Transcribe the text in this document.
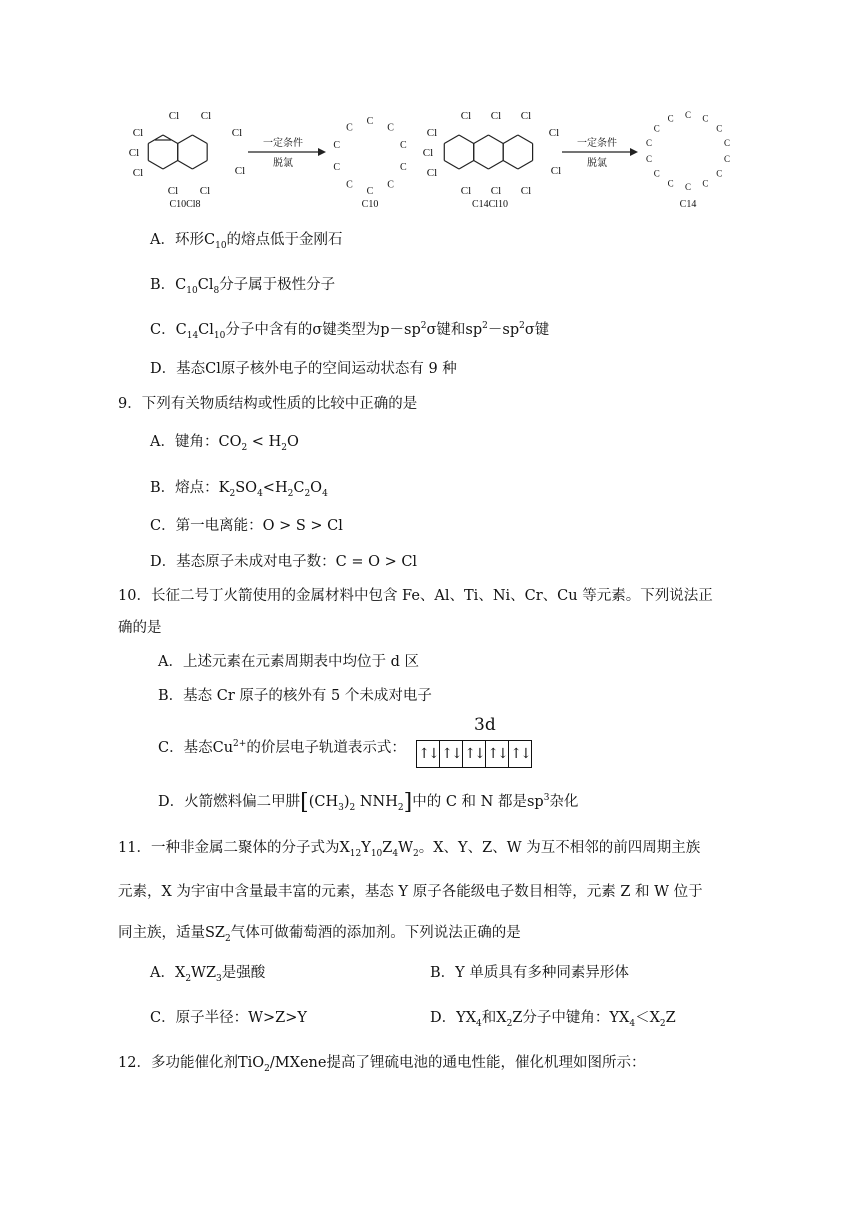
Cl Cl
Cl
Cl
Cl
Cl Cl
Cl
Cl
C10Cl8
一定条件
脱氯
C
C
C
C
C
C
C
C
C
C
C10
Cl Cl Cl
Cl
Cl
Cl
Cl Cl Cl
Cl
Cl
C14Cl10
一定条件
脱氯
C C
C
C
C
C
C
C
C
C
C
C
C
C
C14
A．环形$C_{10}$的熔点低于金刚石
B．$C_{10}Cl_8$分子属于极性分子
C．$C_{14}Cl_{10}$分子中含有的σ键类型为$p-sp^2\sigma$键和$sp^2-sp^2\sigma$键
D．基态Cl原子核外电子的空间运动状态有 9 种
9．下列有关物质结构或性质的比较中正确的是
A．键角：$CO_2 < H_2O$
B．熔点：$K_2SO_4<H_2C_2O_4$
C．第一电离能：O > S > Cl
D．基态原子未成对电子数：C = O > Cl
10．长征二号丁火箭使用的金属材料中包含 Fe、Al、Ti、Ni、Cr、Cu 等元素。下列说法正
确的是
A．上述元素在元素周期表中均位于 d 区
B．基态 Cr 原子的核外有 5 个未成对电子
C．基态$Cu^{2+}$的价层电子轨道表示式：
3d
↑↓ ↑↓ ↑↓ ↑↓ ↑↓
D．火箭燃料偏二甲肼[$(CH_3)_2$ $NNH_2$]中的 C 和 N 都是$sp^3$杂化
11．一种非金属二聚体的分子式为$X_{12}Y_{10}Z_4W_2$。X、Y、Z、W 为互不相邻的前四周期主族
元素，X 为宇宙中含量最丰富的元素，基态 Y 原子各能级电子数目相等，元素 Z 和 W 位于
同主族，适量$SZ_2$气体可做葡萄酒的添加剂。下列说法正确的是
A．$X_2WZ_3$是强酸	B．Y 单质具有多种同素异形体
C．原子半径：W>Z>Y	D．$YX_4$和$X_2Z$分子中键角：$YX_4<X_2Z$
12．多功能催化剂TiO$_2$/MXene提高了锂硫电池的通电性能，催化机理如图所示：
